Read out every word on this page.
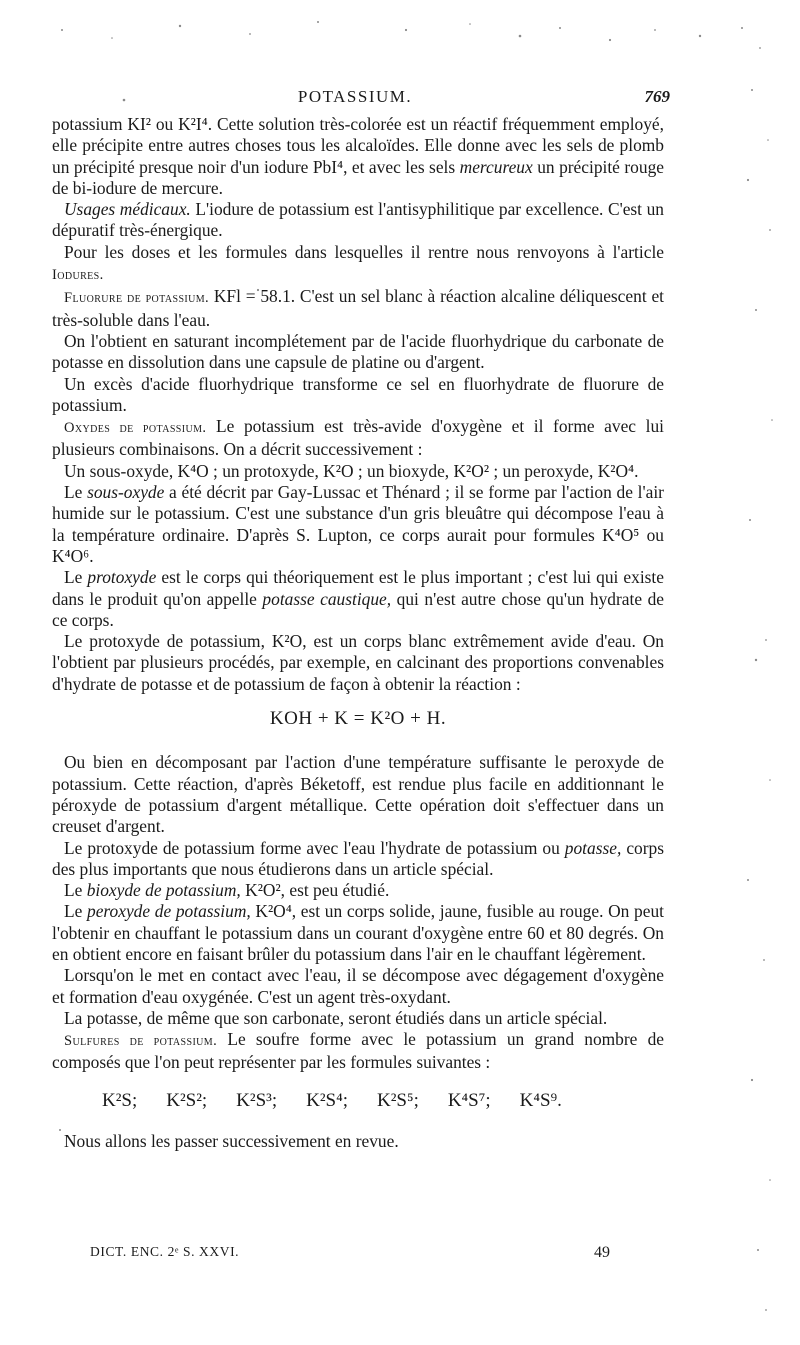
POTASSIUM.	769

potassium KI² ou K²I⁴. Cette solution très-colorée est un réactif fréquemment employé, elle précipite entre autres choses tous les alcaloïdes. Elle donne avec les sels de plomb un précipité presque noir d'un iodure PbI⁴, et avec les sels mercureux un précipité rouge de bi-iodure de mercure.

Usages médicaux. L'iodure de potassium est l'antisyphilitique par excellence. C'est un dépuratif très-énergique.

Pour les doses et les formules dans lesquelles il rentre nous renvoyons à l'article Iodures.

Fluorure de potassium. KFl = 58.1. C'est un sel blanc à réaction alcaline déliquescent et très-soluble dans l'eau.

On l'obtient en saturant incomplétement par de l'acide fluorhydrique du carbonate de potasse en dissolution dans une capsule de platine ou d'argent.

Un excès d'acide fluorhydrique transforme ce sel en fluorhydrate de fluorure de potassium.

Oxydes de potassium. Le potassium est très-avide d'oxygène et il forme avec lui plusieurs combinaisons. On a décrit successivement :

Un sous-oxyde, K⁴O ; un protoxyde, K²O ; un bioxyde, K²O² ; un peroxyde, K²O⁴.

Le sous-oxyde a été décrit par Gay-Lussac et Thénard ; il se forme par l'action de l'air humide sur le potassium. C'est une substance d'un gris bleuâtre qui décompose l'eau à la température ordinaire. D'après S. Lupton, ce corps aurait pour formules K⁴O⁵ ou K⁴O⁶.

Le protoxyde est le corps qui théoriquement est le plus important ; c'est lui qui existe dans le produit qu'on appelle potasse caustique, qui n'est autre chose qu'un hydrate de ce corps.

Le protoxyde de potassium, K²O, est un corps blanc extrêmement avide d'eau. On l'obtient par plusieurs procédés, par exemple, en calcinant des proportions convenables d'hydrate de potasse et de potassium de façon à obtenir la réaction :

KOH + K = K²O + H.

Ou bien en décomposant par l'action d'une température suffisante le peroxyde de potassium. Cette réaction, d'après Béketoff, est rendue plus facile en additionnant le péroxyde de potassium d'argent métallique. Cette opération doit s'effectuer dans un creuset d'argent.

Le protoxyde de potassium forme avec l'eau l'hydrate de potassium ou potasse, corps des plus importants que nous étudierons dans un article spécial.

Le bioxyde de potassium, K²O², est peu étudié.

Le peroxyde de potassium, K²O⁴, est un corps solide, jaune, fusible au rouge. On peut l'obtenir en chauffant le potassium dans un courant d'oxygène entre 60 et 80 degrés. On en obtient encore en faisant brûler du potassium dans l'air en le chauffant légèrement.

Lorsqu'on le met en contact avec l'eau, il se décompose avec dégagement d'oxygène et formation d'eau oxygénée. C'est un agent très-oxydant.

La potasse, de même que son carbonate, seront étudiés dans un article spécial.

Sulfures de potassium. Le soufre forme avec le potassium un grand nombre de composés que l'on peut représenter par les formules suivantes :

K²S; K²S²; K²S³; K²S⁴; K²S⁵; K⁴S⁷; K⁴S⁹.

Nous allons les passer successivement en revue.

DICT. ENC. 2ᵉ S. XXVI.	49
